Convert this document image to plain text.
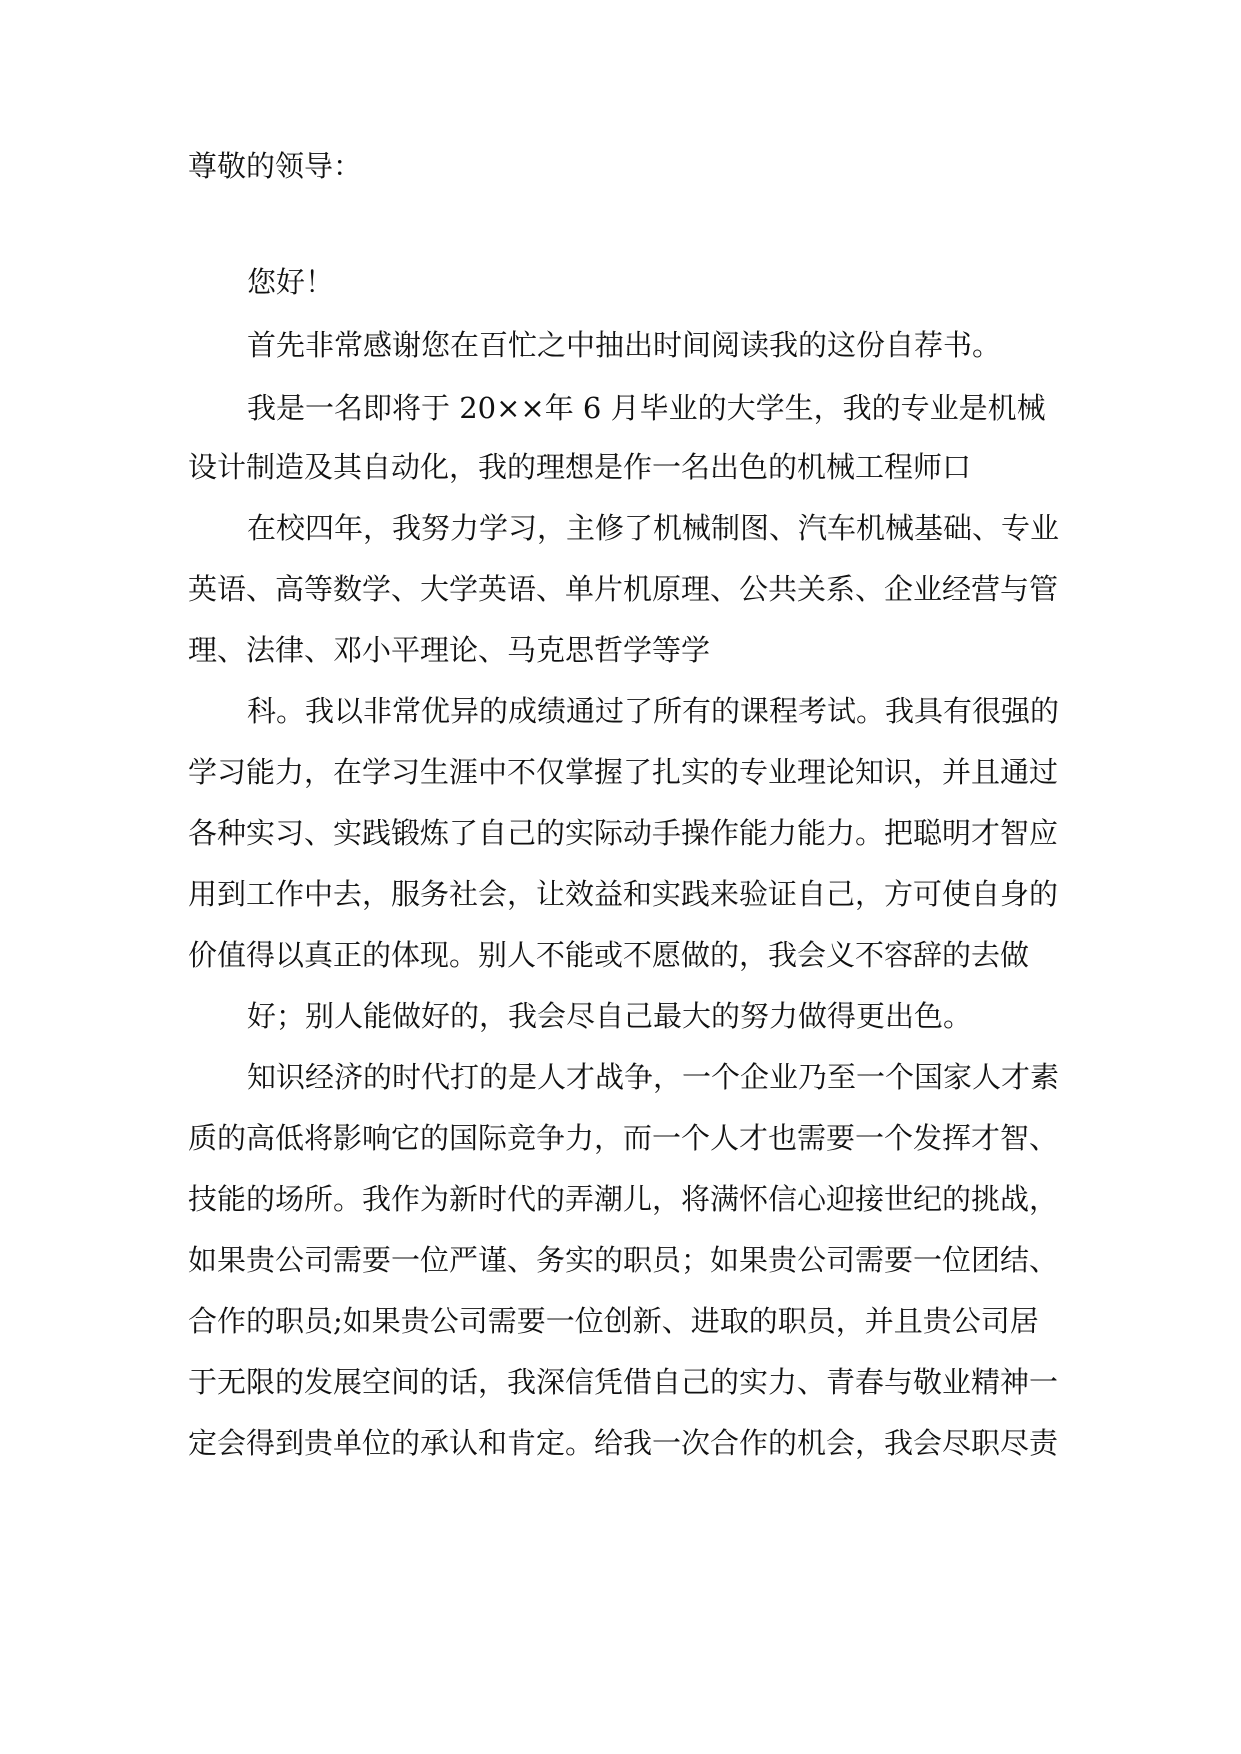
尊敬的领导：
您好！
首先非常感谢您在百忙之中抽出时间阅读我的这份自荐书。
我是一名即将于 20××年 6 月毕业的大学生，我的专业是机械
设计制造及其自动化，我的理想是作一名出色的机械工程师口
在校四年，我努力学习，主修了机械制图、汽车机械基础、专业
英语、高等数学、大学英语、单片机原理、公共关系、企业经营与管
理、法律、邓小平理论、马克思哲学等学
科。我以非常优异的成绩通过了所有的课程考试。我具有很强的
学习能力，在学习生涯中不仅掌握了扎实的专业理论知识，并且通过
各种实习、实践锻炼了自己的实际动手操作能力能力。把聪明才智应
用到工作中去，服务社会，让效益和实践来验证自己，方可使自身的
价值得以真正的体现。别人不能或不愿做的，我会义不容辞的去做
好；别人能做好的，我会尽自己最大的努力做得更出色。
知识经济的时代打的是人才战争，一个企业乃至一个国家人才素
质的高低将影响它的国际竞争力，而一个人才也需要一个发挥才智、
技能的场所。我作为新时代的弄潮儿，将满怀信心迎接世纪的挑战，
如果贵公司需要一位严谨、务实的职员；如果贵公司需要一位团结、
合作的职员;如果贵公司需要一位创新、进取的职员，并且贵公司居
于无限的发展空间的话，我深信凭借自己的实力、青春与敬业精神一
定会得到贵单位的承认和肯定。给我一次合作的机会，我会尽职尽责
